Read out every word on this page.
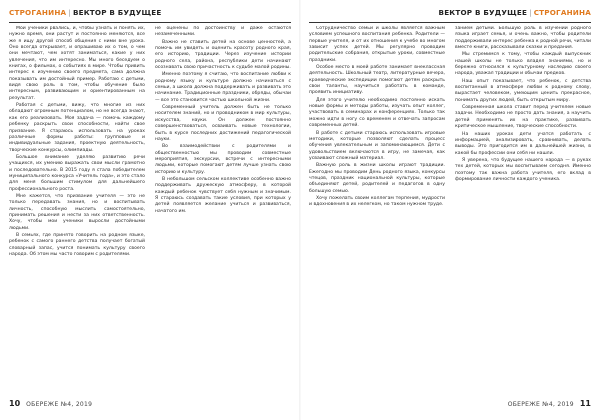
СТРОГАНИНА | ВЕКТОР В БУДУЩЕЕ	ВЕКТОР В БУДУЩЕЕ | СТРОГАНИНА

Мои ученики рвались, и, чтобы узнать и понять их, нужно время, они растут и постоянно меняются, все же я ищу другой способ общения с ними вне урока. Оно всегда открывает, и опрашиваю их о том, о чем они мечтают, чем хотят заниматься, какие у них увлечения, что им интересно. Мы много беседуем о книгах, о фильмах, о событиях в мире. Чтобы привить интерес к изучению своего предмета, сама должна показывать им достойный пример. Работаю с детьми, видя свою роль в том, чтобы обучение было интересным, развивающим и ориентированным на результат.

Работая с детьми, вижу, что многие из них обладают огромным потенциалом, но не всегда знают, как его реализовать. Моя задача — помочь каждому ребенку раскрыть свои способности, найти свое призвание. Я стараюсь использовать на уроках различные формы работы: групповые и индивидуальные задания, проектную деятельность, творческие конкурсы, олимпиады.

Большое внимание уделяю развитию речи учащихся, их умению выражать свои мысли грамотно и последовательно. В 2015 году я стала победителем муниципального конкурса «Учитель года», и это стало для меня большим стимулом для дальнейшего профессионального роста.

Мне кажется, что призвание учителя — это не только передавать знания, но и воспитывать личность, способную мыслить самостоятельно, принимать решения и нести за них ответственность. Хочу, чтобы мои ученики выросли достойными людьми.

В семьях, где принято говорить на родном языке, ребенок с самого раннего детства получает богатый словарный запас, учится понимать культуру своего народа. Об этом мы часто говорим с родителями.

не оценены по достоинству и даже остаются незамеченными.

Важно не ставить детей на основе ценностей, а помочь им увидеть и оценить красоту родного края, его историю, традиции. Через изучение истории родного села, района, республики дети начинают осознавать свою причастность к судьбе малой родины.

Именно поэтому я считаю, что воспитание любви к родному языку и культуре должно начинаться с семьи, а школа должна поддерживать и развивать это начинание. Традиционные праздники, обряды, обычаи — все это становится частью школьной жизни.

Современный учитель должен быть не только носителем знаний, но и проводником в мир культуры, искусства, науки. Он должен постоянно совершенствоваться, осваивать новые технологии, быть в курсе последних достижений педагогической науки.

Во взаимодействии с родителями и общественностью мы проводим совместные мероприятия, экскурсии, встречи с интересными людьми, которые помогают детям лучше узнать свою историю и культуру.

В небольшом сельском коллективе особенно важно поддерживать дружескую атмосферу, в которой каждый ребенок чувствует себя нужным и значимым. Я стараюсь создавать такие условия, при которых у детей появляется желание учиться и развиваться, начатого им.

Сотрудничество семьи и школы является важным условием успешного воспитания ребенка. Родители — первые учителя, и от их отношения к учебе во многом зависит успех детей. Мы регулярно проводим родительские собрания, открытые уроки, совместные праздники.

Особое место в моей работе занимает внеклассная деятельность. Школьный театр, литературные вечера, краеведческие экспедиции помогают детям раскрыть свои таланты, научиться работать в команде, проявить инициативу.

Для этого учителю необходимо постоянно искать новые формы и методы работы, изучать опыт коллег, участвовать в семинарах и конференциях. Только так можно идти в ногу со временем и отвечать запросам современных детей.

В работе с детьми стараюсь использовать игровые методики, которые позволяют сделать процесс обучения увлекательным и запоминающимся. Дети с удовольствием включаются в игру, не замечая, как усваивают сложный материал.

Важную роль в жизни школы играют традиции. Ежегодно мы проводим День родного языка, конкурсы чтецов, праздник национальной культуры, которые объединяют детей, родителей и педагогов в одну большую семью.

Хочу пожелать своим коллегам терпения, мудрости и вдохновения в их нелегком, но таком нужном труде.

занием детьми. Большую роль в изучении родного языка играет семья, и очень важно, чтобы родители поддерживали интерес ребенка к родной речи, читали вместе книги, рассказывали сказки и предания.

Мы стремимся к тому, чтобы каждый выпускник нашей школы не только владел знаниями, но и бережно относился к культурному наследию своего народа, уважал традиции и обычаи предков.

Наш опыт показывает, что ребенок, с детства воспитанный в атмосфере любви к родному слову, вырастает человеком, умеющим ценить прекрасное, понимать других людей, быть открытым миру.

Современная школа ставит перед учителем новые задачи. Необходимо не просто дать знания, а научить детей применять их на практике, развивать критическое мышление, творческие способности.

На наших уроках дети учатся работать с информацией, анализировать, сравнивать, делать выводы. Это пригодится им в дальнейшей жизни, в какой бы профессии они себя ни нашли.

Я уверена, что будущее нашего народа — в руках тех детей, которых мы воспитываем сегодня. Именно поэтому так важна работа учителя, его вклад в формирование личности каждого ученика.

10 ОБЕРЕЖЕ №4, 2019	ОБЕРЕЖЕ №4, 2019 11
